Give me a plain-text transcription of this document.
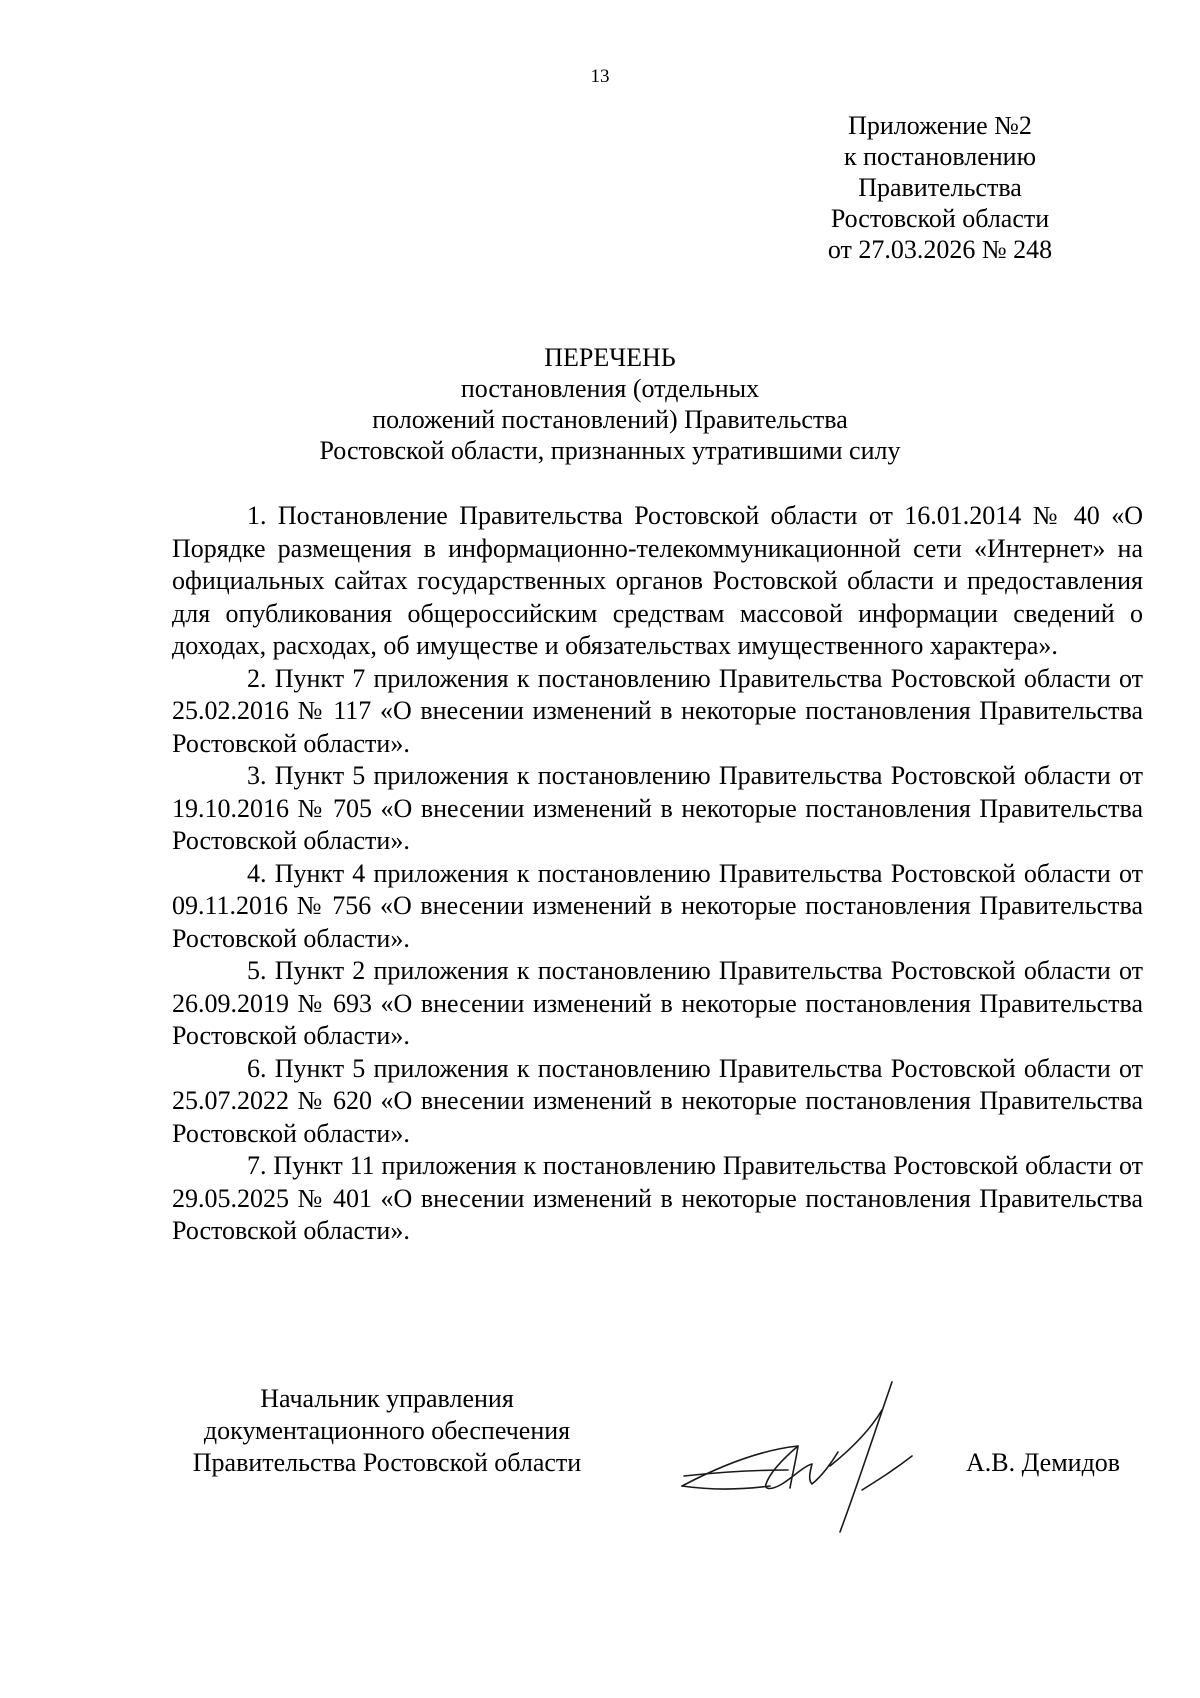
13
Приложение №2
к постановлению
Правительства
Ростовской области
от 27.03.2026 № 248
ПЕРЕЧЕНЬ
постановления (отдельных
положений постановлений) Правительства
Ростовской области, признанных утратившими силу

1. Постановление Правительства Ростовской области от 16.01.2014 № 40 «О Порядке размещения в информационно-телекоммуникационной сети «Интернет» на официальных сайтах государственных органов Ростовской области и предоставления для опубликования общероссийским средствам массовой информации сведений о доходах, расходах, об имуществе и обязательствах имущественного характера».

2. Пункт 7 приложения к постановлению Правительства Ростовской области от 25.02.2016 № 117 «О внесении изменений в некоторые постановления Правительства Ростовской области».

3. Пункт 5 приложения к постановлению Правительства Ростовской области от 19.10.2016 № 705 «О внесении изменений в некоторые постановления Правительства Ростовской области».

4. Пункт 4 приложения к постановлению Правительства Ростовской области от 09.11.2016 № 756 «О внесении изменений в некоторые постановления Правительства Ростовской области».

5. Пункт 2 приложения к постановлению Правительства Ростовской области от 26.09.2019 № 693 «О внесении изменений в некоторые постановления Правительства Ростовской области».

6. Пункт 5 приложения к постановлению Правительства Ростовской области от 25.07.2022 № 620 «О внесении изменений в некоторые постановления Правительства Ростовской области».

7. Пункт 11 приложения к постановлению Правительства Ростовской области от 29.05.2025 № 401 «О внесении изменений в некоторые постановления Правительства Ростовской области».

Начальник управления
документационного обеспечения
Правительства Ростовской области	А.В. Демидов
